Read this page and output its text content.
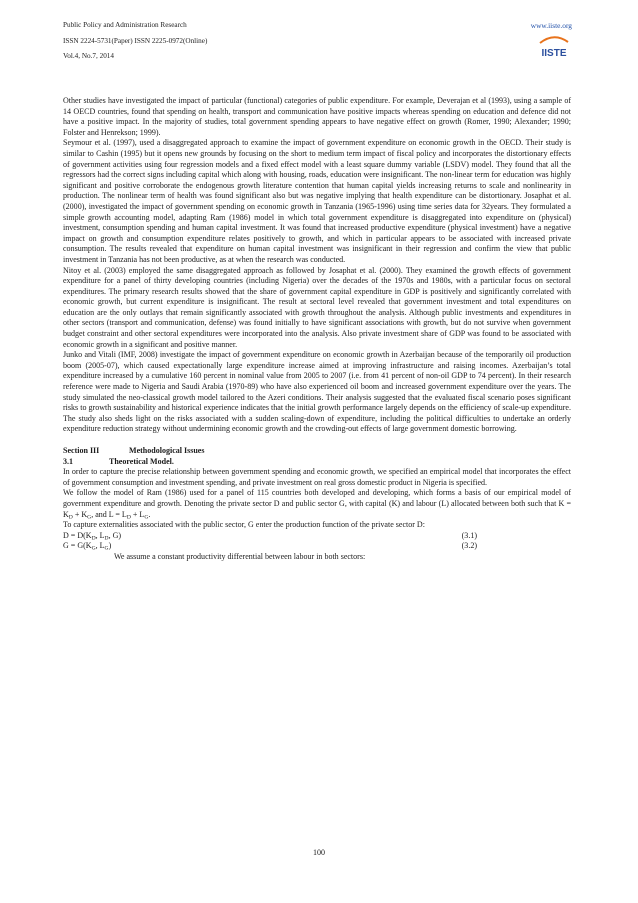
Public Policy and Administration Research
ISSN 2224-5731(Paper) ISSN 2225-0972(Online)
Vol.4, No.7, 2014
www.iiste.org
IISTE

Other studies have investigated the impact of particular (functional) categories of public expenditure. For example, Deverajan et al (1993), using a sample of 14 OECD countries, found that spending on health, transport and communication have positive impacts whereas spending on education and defence did not have a positive impact. In the majority of studies, total government spending appears to have negative effect on growth (Romer, 1990; Alexander; 1990; Folster and Henrekson; 1999).

Seymour et al. (1997), used a disaggregated approach to examine the impact of government expenditure on economic growth in the OECD. Their study is similar to Cashin (1995) but it opens new grounds by focusing on the short to medium term impact of fiscal policy and incorporates the distortionary effects of government activities using four regression models and a fixed effect model with a least square dummy variable (LSDV) model. They found that all the regressors had the correct signs including capital which along with housing, roads, education were insignificant. The non-linear term for education was highly significant and positive corroborate the endogenous growth literature contention that human capital yields increasing returns to scale and nonlinearity in production. The nonlinear term of health was found significant also but was negative implying that health expenditure can be distortionary. Josaphat et al. (2000), investigated the impact of government spending on economic growth in Tanzania (1965-1996) using time series data for 32years. They formulated a simple growth accounting model, adapting Ram (1986) model in which total government expenditure is disaggregated into expenditure on (physical) investment, consumption spending and human capital investment. It was found that increased productive expenditure (physical investment) have a negative impact on growth and consumption expenditure relates positively to growth, and which in particular appears to be associated with increased private consumption. The results revealed that expenditure on human capital investment was insignificant in their regression and confirm the view that public investment in Tanzania has not been productive, as at when the research was conducted.

Nitoy et al. (2003) employed the same disaggregated approach as followed by Josaphat et al. (2000). They examined the growth effects of government expenditure for a panel of thirty developing countries (including Nigeria) over the decades of the 1970s and 1980s, with a particular focus on sectoral expenditures. The primary research results showed that the share of government capital expenditure in GDP is positively and significantly correlated with economic growth, but current expenditure is insignificant. The result at sectoral level revealed that government investment and total expenditures on education are the only outlays that remain significantly associated with growth throughout the analysis. Although public investments and expenditures in other sectors (transport and communication, defense) was found initially to have significant associations with growth, but do not survive when government budget constraint and other sectoral expenditures were incorporated into the analysis. Also private investment share of GDP was found to be associated with economic growth in a significant and positive manner.

Junko and Vitali (IMF, 2008) investigate the impact of government expenditure on economic growth in Azerbaijan because of the temporarily oil production boom (2005-07), which caused expectationally large expenditure increase aimed at improving infrastructure and raising incomes. Azerbaijan’s total expenditure increased by a cumulative 160 percent in nominal value from 2005 to 2007 (i.e. from 41 percent of non-oil GDP to 74 percent). In their research reference were made to Nigeria and Saudi Arabia (1970-89) who have also experienced oil boom and increased government expenditure over the years. The study simulated the neo-classical growth model tailored to the Azeri conditions. Their analysis suggested that the evaluated fiscal scenario poses significant risks to growth sustainability and historical experience indicates that the initial growth performance largely depends on the efficiency of scale-up expenditure. The study also sheds light on the risks associated with a sudden scaling-down of expenditure, including the political difficulties to undertake an orderly expenditure reduction strategy without undermining economic growth and the crowding-out effects of large government domestic borrowing.

Section III	Methodological Issues

3.1	Theoretical Model.

In order to capture the precise relationship between government spending and economic growth, we specified an empirical model that incorporates the effect of government consumption and investment spending, and private investment on real gross domestic product in Nigeria is specified.

We follow the model of Ram (1986) used for a panel of 115 countries both developed and developing, which forms a basis of our empirical model of government expenditure and growth. Denoting the private sector D and public sector G, with capital (K) and labour (L) allocated between both such that $K = K_D + K_G$, and $L = L_D + L_G$.

To capture externalities associated with the public sector, G enter the production function of the private sector D:

$D = D(K_D$, $L_D$, G)	(3.1)
$G = G(K_G$, $L_G$)	(3.2)

We assume a constant productivity differential between labour in both sectors:

100
